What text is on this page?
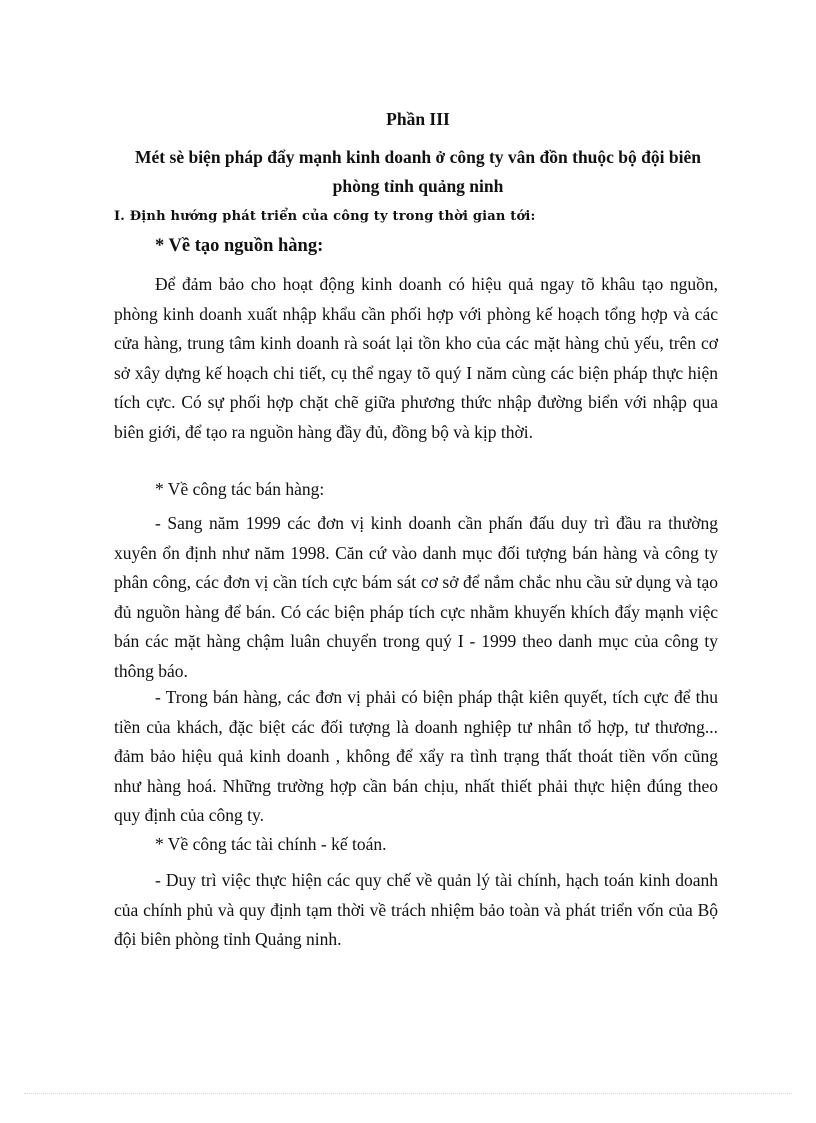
Phần III
Mét sè biện pháp đẩy mạnh kinh doanh ở công ty vân đồn thuộc bộ đội biên phòng tỉnh quảng ninh
I. Định hướng phát triển của công ty trong thời gian tới:
* Về tạo nguồn hàng:

Để đảm bảo cho hoạt động kinh doanh có hiệu quả ngay tõ khâu tạo nguồn, phòng kinh doanh xuất nhập khẩu cần phối hợp với phòng kế hoạch tổng hợp và các cửa hàng, trung tâm kinh doanh rà soát lại tồn kho của các mặt hàng chủ yếu, trên cơ sở xây dựng kế hoạch chi tiết, cụ thể ngay tõ quý I năm cùng các biện pháp thực hiện tích cực. Có sự phối hợp chặt chẽ giữa phương thức nhập đường biển với nhập qua biên giới, để tạo ra nguồn hàng đầy đủ, đồng bộ và kịp thời.

* Về công tác bán hàng:

- Sang năm 1999 các đơn vị kinh doanh cần phấn đấu duy trì đầu ra thường xuyên ổn định như năm 1998. Căn cứ vào danh mục đối tượng bán hàng và công ty phân công, các đơn vị cần tích cực bám sát cơ sở để nắm chắc nhu cầu sử dụng và tạo đủ nguồn hàng để bán. Có các biện pháp tích cực nhằm khuyến khích đẩy mạnh việc bán các mặt hàng chậm luân chuyển trong quý I - 1999 theo danh mục của công ty thông báo.

- Trong bán hàng, các đơn vị phải có biện pháp thật kiên quyết, tích cực để thu tiền của khách, đặc biệt các đối tượng là doanh nghiệp tư nhân tổ hợp, tư thương... đảm bảo hiệu quả kinh doanh , không để xẩy ra tình trạng thất thoát tiền vốn cũng như hàng hoá. Những trường hợp cần bán chịu, nhất thiết phải thực hiện đúng theo quy định của công ty.

* Về công tác tài chính - kế toán.

- Duy trì việc thực hiện các quy chế về quản lý tài chính, hạch toán kinh doanh của chính phủ và quy định tạm thời về trách nhiệm bảo toàn và phát triển vốn của Bộ đội biên phòng tỉnh Quảng ninh.
